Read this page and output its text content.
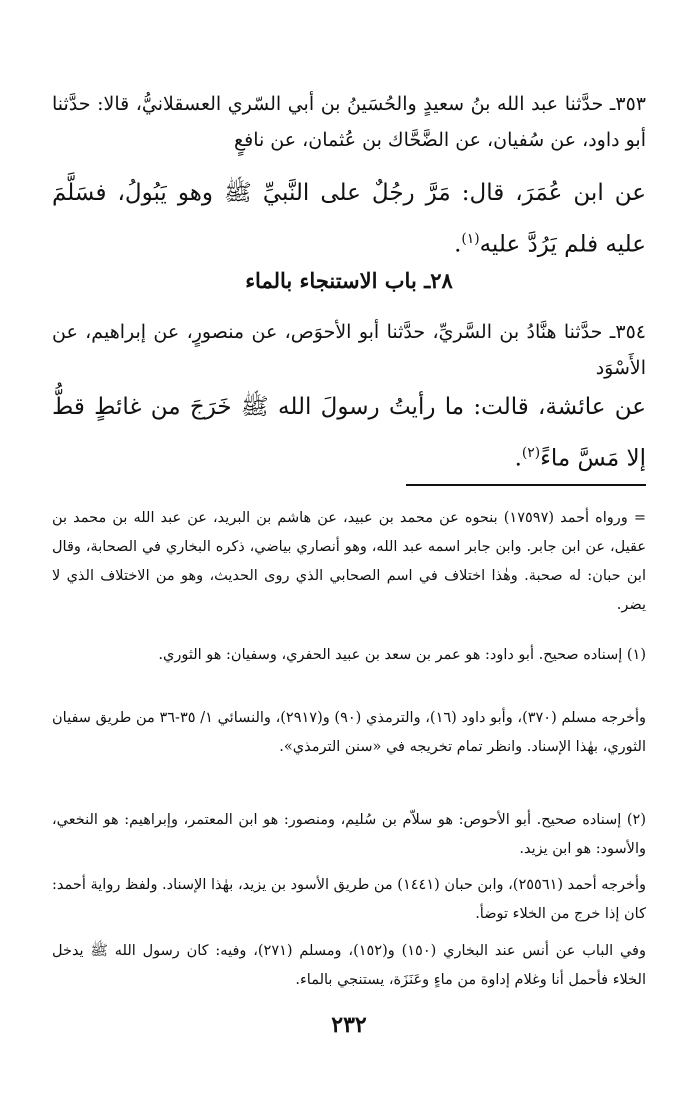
٣٥٣ـ حدَّثنا عبد الله بنُ سعيدٍ والحُسَينُ بن أبي السّري العسقلانيُّ، قالا: حدَّثنا أبو داود، عن سُفيان، عن الضَّحَّاك بن عُثمان، عن نافعٍ

عن ابن عُمَرَ، قال: مَرَّ رجُلٌ على النَّبيِّ ﷺ وهو يَبُولُ، فسَلَّمَ عليه فلم يَرُدَّ عليه$^{(١)}$.

٢٨ـ باب الاستنجاء بالماء

٣٥٤ـ حدَّثنا هنَّادُ بن السَّريِّ، حدَّثنا أبو الأحوَص، عن منصورٍ، عن إبراهيم، عن الأَسْوَد

عن عائشة، قالت: ما رأيتُ رسولَ الله ﷺ خَرَجَ من غائطٍ قطُّ إلا مَسَّ ماءً$^{(٢)}$.

= ورواه أحمد (١٧٥٩٧) بنحوه عن محمد بن عبيد، عن هاشم بن البريد، عن عبد الله بن محمد بن عقيل، عن ابن جابر. وابن جابر اسمه عبد الله، وهو أنصاري بياضي، ذكره البخاري في الصحابة، وقال ابن حبان: له صحبة. وهٰذا اختلاف في اسم الصحابي الذي روى الحديث، وهو من الاختلاف الذي لا يضر.

(١) إسناده صحيح. أبو داود: هو عمر بن سعد بن عبيد الحفري، وسفيان: هو الثوري.

وأخرجه مسلم (٣٧٠)، وأبو داود (١٦)، والترمذي (٩٠) و(٢٩١٧)، والنسائي ١/ ٣٥-٣٦ من طريق سفيان الثوري، بهٰذا الإسناد. وانظر تمام تخريجه في «سنن الترمذي».

(٢) إسناده صحيح. أبو الأحوص: هو سلاّم بن سُليم، ومنصور: هو ابن المعتمر، وإبراهيم: هو النخعي، والأسود: هو ابن يزيد.

وأخرجه أحمد (٢٥٥٦١)، وابن حبان (١٤٤١) من طريق الأسود بن يزيد، بهٰذا الإسناد. ولفظ رواية أحمد: كان إذا خرج من الخلاء توضأ.

وفي الباب عن أنس عند البخاري (١٥٠) و(١٥٢)، ومسلم (٢٧١)، وفيه: كان رسول الله ﷺ يدخل الخلاء فأحمل أنا وغلام إداوة من ماءٍ وعَنَزَة، يستنجي بالماء.

٢٣٢
